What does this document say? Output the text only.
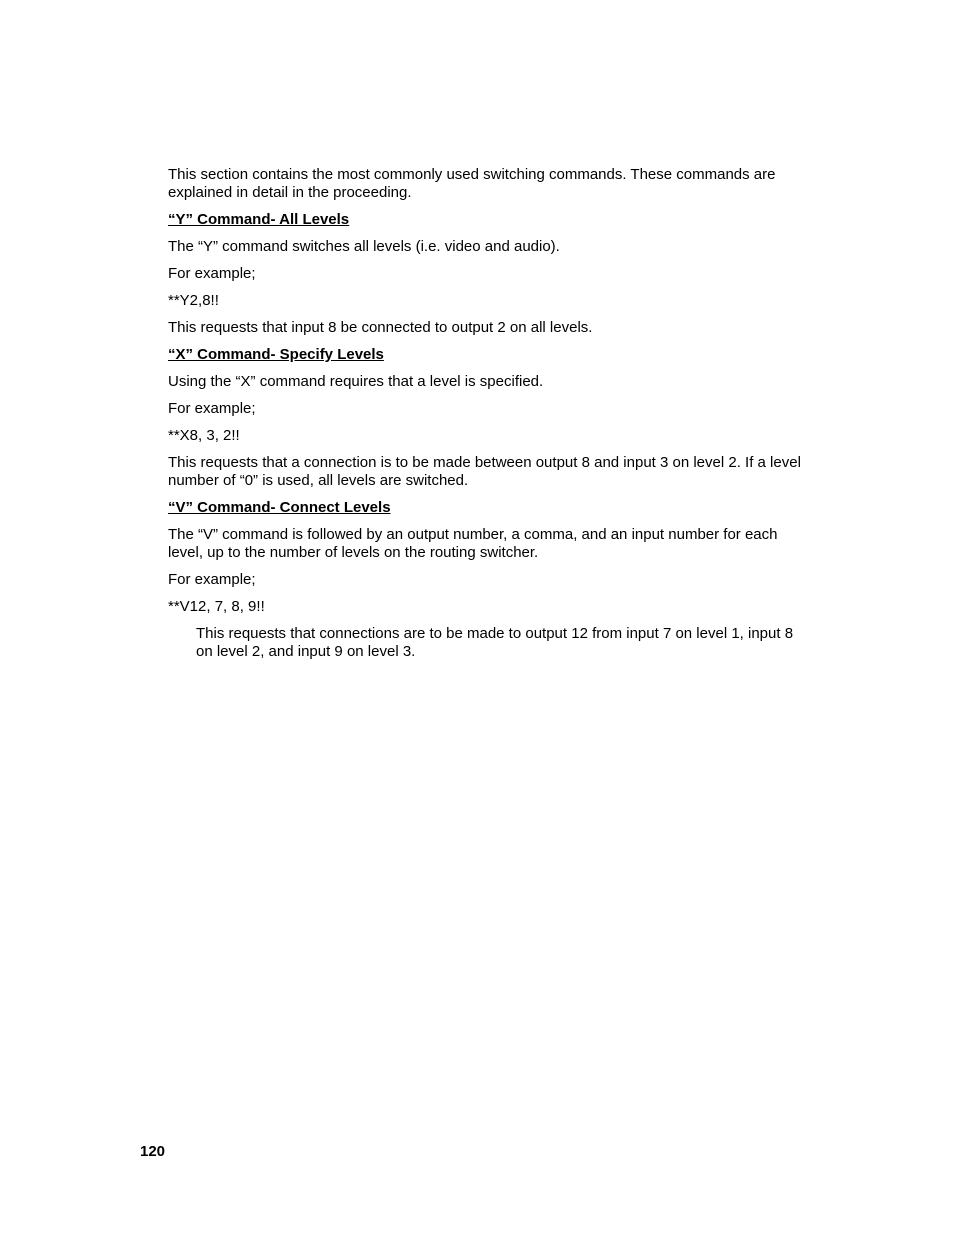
This section contains the most commonly used switching commands. These commands are explained in detail in the proceeding.

“Y” Command- All Levels

The “Y” command switches all levels (i.e. video and audio).

For example;

**Y2,8!!

This requests that input 8 be connected to output 2 on all levels.

“X” Command- Specify Levels

Using the “X” command requires that a level is specified.

For example;

**X8, 3, 2!!

This requests that a connection is to be made between output 8 and input 3 on level 2. If a level number of “0” is used, all levels are switched.

“V” Command- Connect Levels

The “V” command is followed by an output number, a comma, and an input number for each level, up to the number of levels on the routing switcher.

For example;

**V12, 7, 8, 9!!

This requests that connections are to be made to output 12 from input 7 on level 1, input 8 on level 2, and input 9 on level 3.

120
